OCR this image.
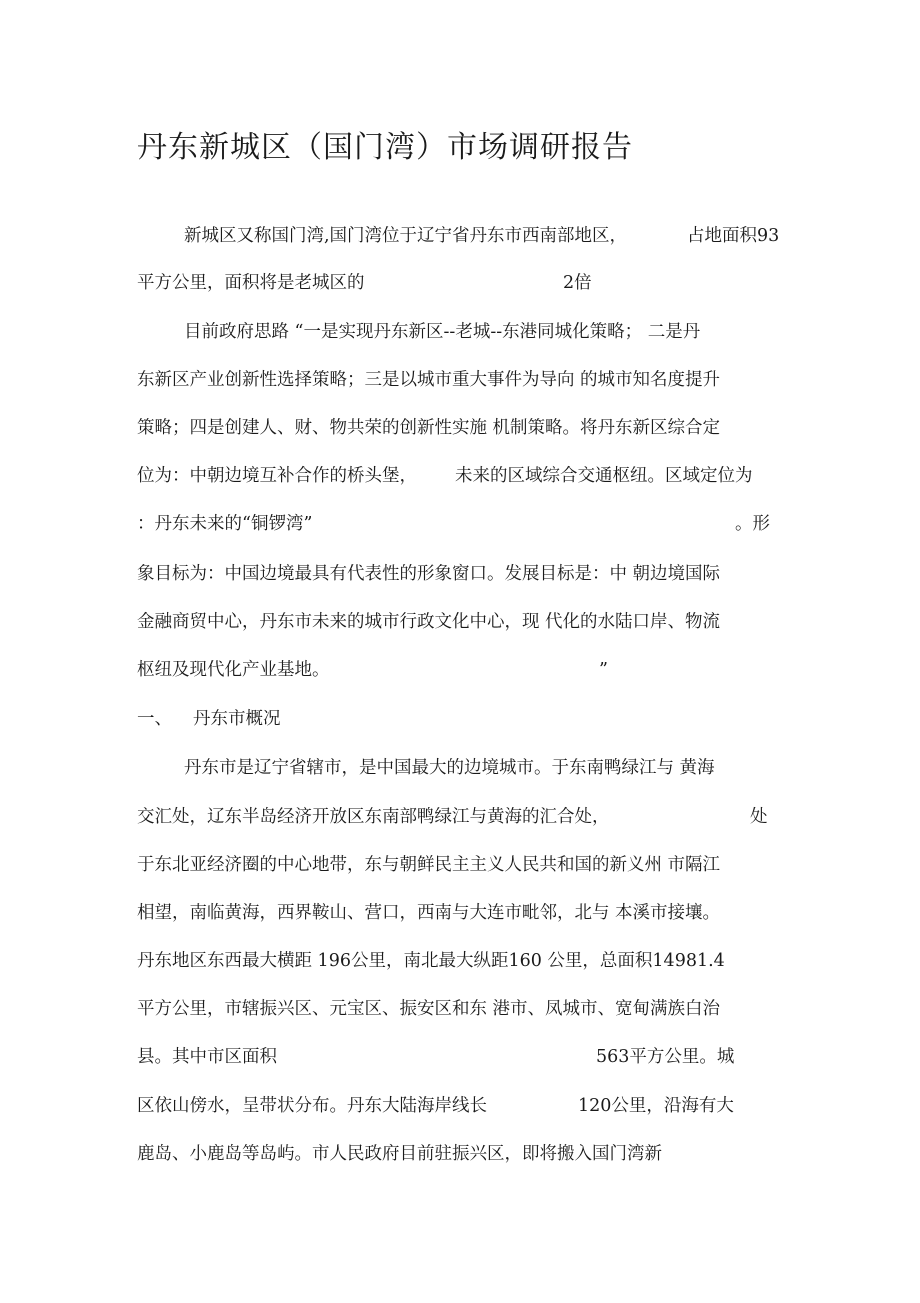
丹东新城区（国门湾）市场调研报告

新城区又称国门湾,国门湾位于辽宁省丹东市西南部地区，	占地面积93

平方公里，面积将是老城区的	2倍

目前政府思路 “一是实现丹东新区--老城--东港同城化策略； 二是丹

东新区产业创新性选择策略；三是以城市重大事件为导向 的城市知名度提升

策略；四是创建人、财、物共荣的创新性实施 机制策略。将丹东新区综合定

位为：中朝边境互补合作的桥头堡， 未来的区域综合交通枢纽。区域定位为

：丹东未来的“铜锣湾”	。形

象目标为：中国边境最具有代表性的形象窗口。发展目标是：中 朝边境国际

金融商贸中心，丹东市未来的城市行政文化中心，现 代化的水陆口岸、物流

枢纽及现代化产业基地。	”
一、 丹东市概况

丹东市是辽宁省辖市，是中国最大的边境城市。于东南鸭绿江与 黄海

交汇处，辽东半岛经济开放区东南部鸭绿江与黄海的汇合处，	处

于东北亚经济圈的中心地带，东与朝鲜民主主义人民共和国的新义州 市隔江

相望，南临黄海，西界鞍山、营口，西南与大连市毗邻，北与 本溪市接壤。

丹东地区东西最大横距 196公里，南北最大纵距160 公里，总面积14981.4

平方公里，市辖振兴区、元宝区、振安区和东 港市、凤城市、宽甸满族白治

县。其中市区面积	563平方公里。城

区依山傍水，呈带状分布。丹东大陆海岸线长	120公里，沿海有大

鹿岛、小鹿岛等岛屿。市人民政府目前驻振兴区，即将搬入国门湾新
